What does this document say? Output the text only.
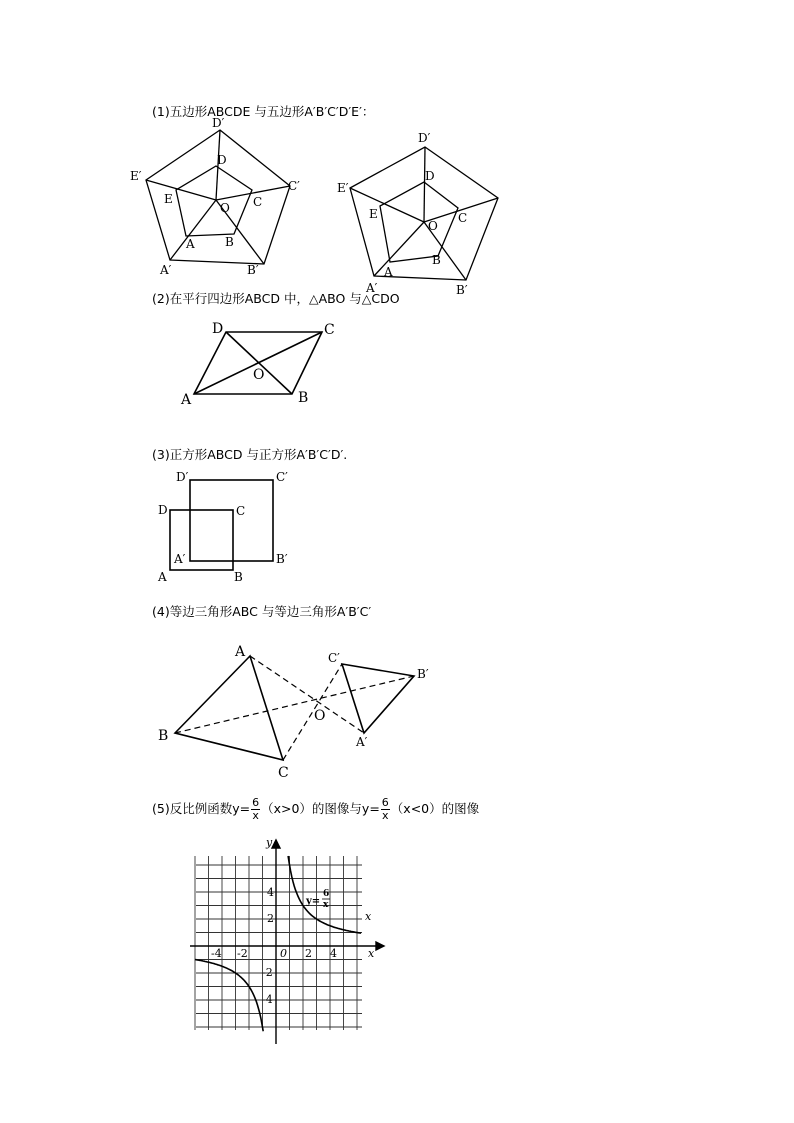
(1)五边形ABCDE 与五边形A′B′C′D′E′：
(2)在平行四边形ABCD 中，△ABO 与△CDO
(3)正方形ABCD 与正方形A′B′C′D′.
(4)等边三角形ABC 与等边三角形A′B′C′
(5)反比例函数$y= \frac{6}{x} (x>0)$的图像与$y= \frac{6}{x} (x<0)$的图像
D′
D
C′
C
E′
E
O
A	B
A′	B′
D′
D
E′
E	C
O
B
A
A′	B′
D	C
O
A	B
D′	C′
D	C
A′	B′
A	B
A
B
C
O
C′
B′
A′
y
x
x
4
2
0
-4 -2	2 4
-2
-4
y=
6
x
